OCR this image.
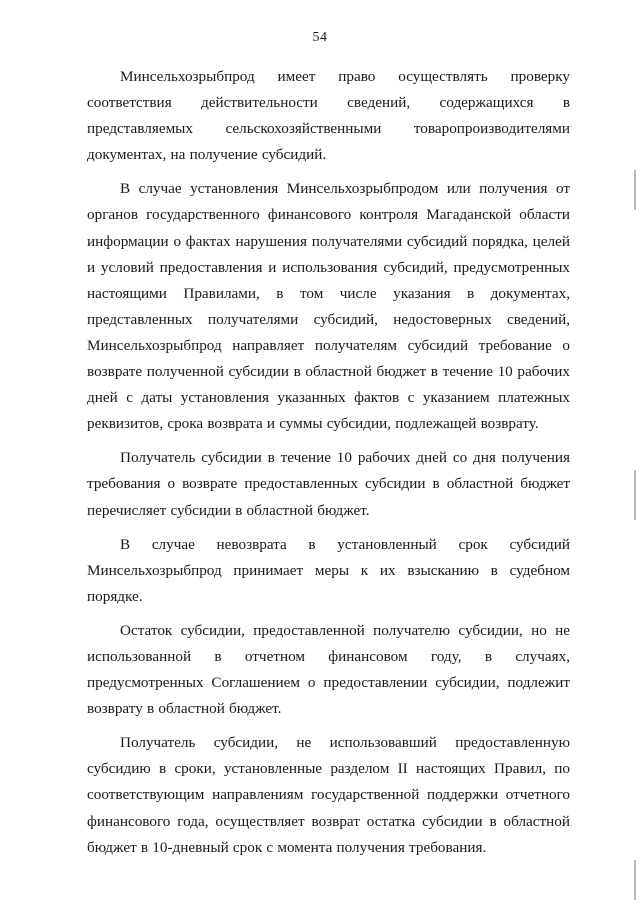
54

Минсельхозрыбпрод имеет право осуществлять проверку соответствия действительности сведений, содержащихся в представляемых сельскохозяйственными товаропроизводителями документах, на получение субсидий.

В случае установления Минсельхозрыбпродом или получения от органов государственного финансового контроля Магаданской области информации о фактах нарушения получателями субсидий порядка, целей и условий предоставления и использования субсидий, предусмотренных настоящими Правилами, в том числе указания в документах, представленных получателями субсидий, недостоверных сведений, Минсельхозрыбпрод направляет получателям субсидий требование о возврате полученной субсидии в областной бюджет в течение 10 рабочих дней с даты установления указанных фактов с указанием платежных реквизитов, срока возврата и суммы субсидии, подлежащей возврату.

Получатель субсидии в течение 10 рабочих дней со дня получения требования о возврате предоставленных субсидии в областной бюджет перечисляет субсидии в областной бюджет.

В случае невозврата в установленный срок субсидий Минсельхозрыбпрод принимает меры к их взысканию в судебном порядке.

Остаток субсидии, предоставленной получателю субсидии, но не использованной в отчетном финансовом году, в случаях, предусмотренных Соглашением о предоставлении субсидии, подлежит возврату в областной бюджет.

Получатель субсидии, не использовавший предоставленную субсидию в сроки, установленные разделом II настоящих Правил, по соответствующим направлениям государственной поддержки отчетного финансового года, осуществляет возврат остатка субсидии в областной бюджет в 10-дневный срок с момента получения требования.
